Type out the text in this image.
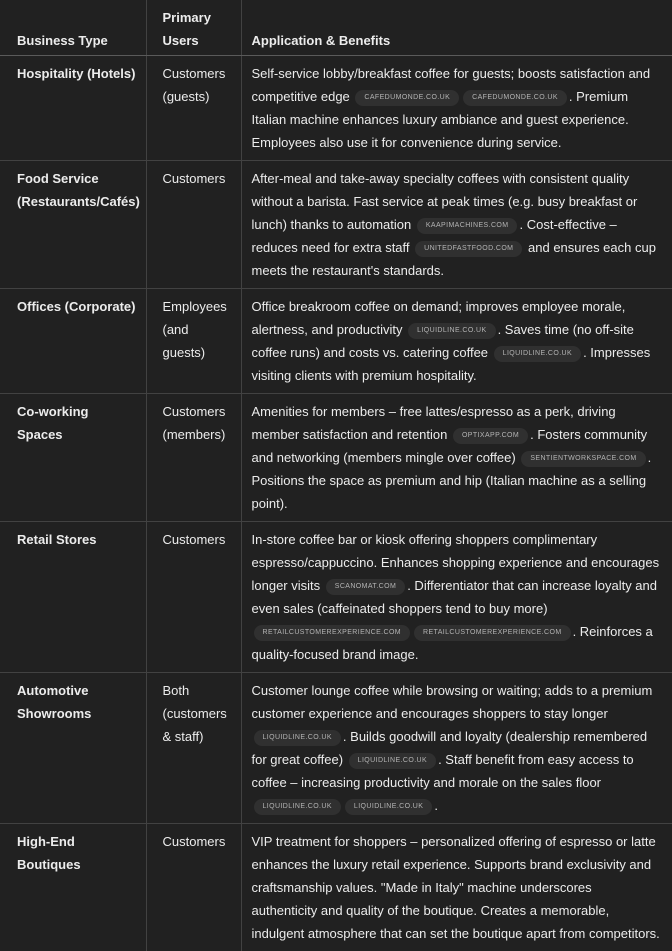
Business Type	Primary Users	Application & Benefits
Hospitality (Hotels)	Customers (guests)	Self-service lobby/breakfast coffee for guests; boosts satisfaction and competitive edge CAFEDUMONDE.CO.UK CAFEDUMONDE.CO.UK . Premium Italian machine enhances luxury ambiance and guest experience. Employees also use it for convenience during service.
Food Service (Restaurants/Cafés)	Customers	After-meal and take-away specialty coffees with consistent quality without a barista. Fast service at peak times (e.g. busy breakfast or lunch) thanks to automation KAAPIMACHINES.COM . Cost-effective – reduces need for extra staff UNITEDFASTFOOD.COM and ensures each cup meets the restaurant's standards.
Offices (Corporate)	Employees (and guests)	Office breakroom coffee on demand; improves employee morale, alertness, and productivity LIQUIDLINE.CO.UK . Saves time (no off-site coffee runs) and costs vs. catering coffee LIQUIDLINE.CO.UK . Impresses visiting clients with premium hospitality.
Co-working Spaces	Customers (members)	Amenities for members – free lattes/espresso as a perk, driving member satisfaction and retention OPTIXAPP.COM . Fosters community and networking (members mingle over coffee) SENTIENTWORKSPACE.COM . Positions the space as premium and hip (Italian machine as a selling point).
Retail Stores	Customers	In-store coffee bar or kiosk offering shoppers complimentary espresso/cappuccino. Enhances shopping experience and encourages longer visits SCANOMAT.COM . Differentiator that can increase loyalty and even sales (caffeinated shoppers tend to buy more) RETAILCUSTOMEREXPERIENCE.COM RETAILCUSTOMEREXPERIENCE.COM . Reinforces a quality-focused brand image.
Automotive Showrooms	Both (customers & staff)	Customer lounge coffee while browsing or waiting; adds to a premium customer experience and encourages shoppers to stay longer LIQUIDLINE.CO.UK . Builds goodwill and loyalty (dealership remembered for great coffee) LIQUIDLINE.CO.UK . Staff benefit from easy access to coffee – increasing productivity and morale on the sales floor LIQUIDLINE.CO.UK LIQUIDLINE.CO.UK .
High-End Boutiques	Customers	VIP treatment for shoppers – personalized offering of espresso or latte enhances the luxury retail experience. Supports brand exclusivity and craftsmanship values. "Made in Italy" machine underscores authenticity and quality of the boutique. Creates a memorable, indulgent atmosphere that can set the boutique apart from competitors.
